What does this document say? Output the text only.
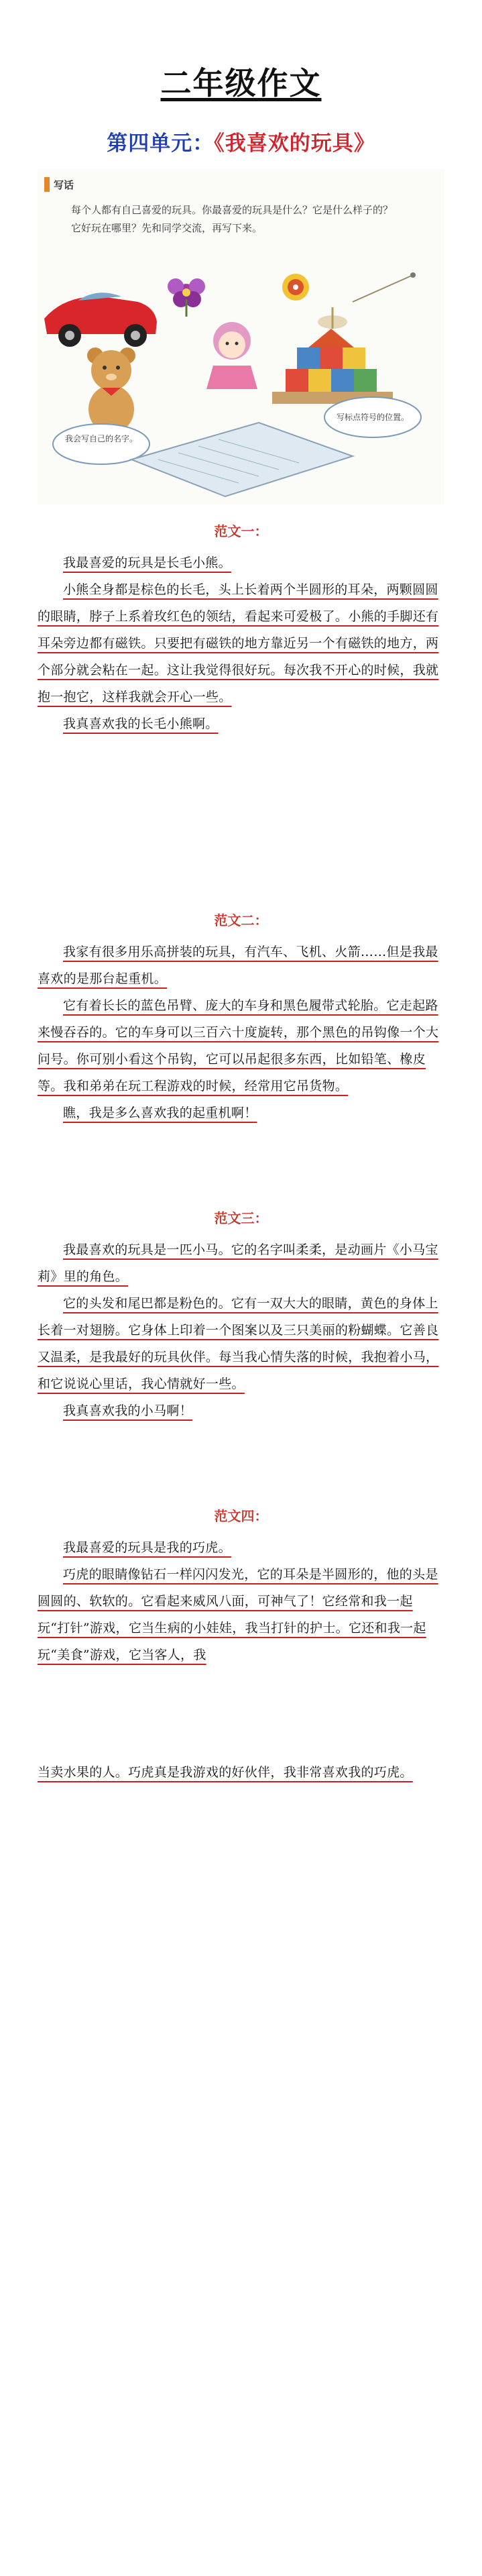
二年级作文
第四单元：《我喜欢的玩具》
写话
每个人都有自己喜爱的玩具。你最喜爱的玩具是什么？它是什么样子的？它好玩在哪里？先和同学交流，再写下来。
我会写自己的名字。
写标点符号的位置。
范文一：
我最喜爱的玩具是长毛小熊。
小熊全身都是棕色的长毛，头上长着两个半圆形的耳朵，两颗圆圆的眼睛，脖子上系着玫红色的领结，看起来可爱极了。小熊的手脚还有耳朵旁边都有磁铁。只要把有磁铁的地方靠近另一个有磁铁的地方，两个部分就会粘在一起。这让我觉得很好玩。每次我不开心的时候，我就抱一抱它，这样我就会开心一些。
我真喜欢我的长毛小熊啊。
范文二：
我家有很多用乐高拼装的玩具，有汽车、飞机、火箭……但是我最喜欢的是那台起重机。
它有着长长的蓝色吊臂、庞大的车身和黑色履带式轮胎。它走起路来慢吞吞的。它的车身可以三百六十度旋转，那个黑色的吊钩像一个大问号。你可别小看这个吊钩，它可以吊起很多东西，比如铅笔、橡皮等。我和弟弟在玩工程游戏的时候，经常用它吊货物。
瞧，我是多么喜欢我的起重机啊！
范文三：
我最喜欢的玩具是一匹小马。它的名字叫柔柔，是动画片《小马宝莉》里的角色。
它的头发和尾巴都是粉色的。它有一双大大的眼睛，黄色的身体上长着一对翅膀。它身体上印着一个图案以及三只美丽的粉蝴蝶。它善良又温柔，是我最好的玩具伙伴。每当我心情失落的时候，我抱着小马，和它说说心里话，我心情就好一些。
我真喜欢我的小马啊！
范文四：
我最喜爱的玩具是我的巧虎。
巧虎的眼睛像钻石一样闪闪发光，它的耳朵是半圆形的，他的头是圆圆的、软软的。它看起来威风八面，可神气了！它经常和我一起玩“打针”游戏，它当生病的小娃娃，我当打针的护士。它还和我一起玩“美食”游戏，它当客人，我
当卖水果的人。巧虎真是我游戏的好伙伴，我非常喜欢我的巧虎。
